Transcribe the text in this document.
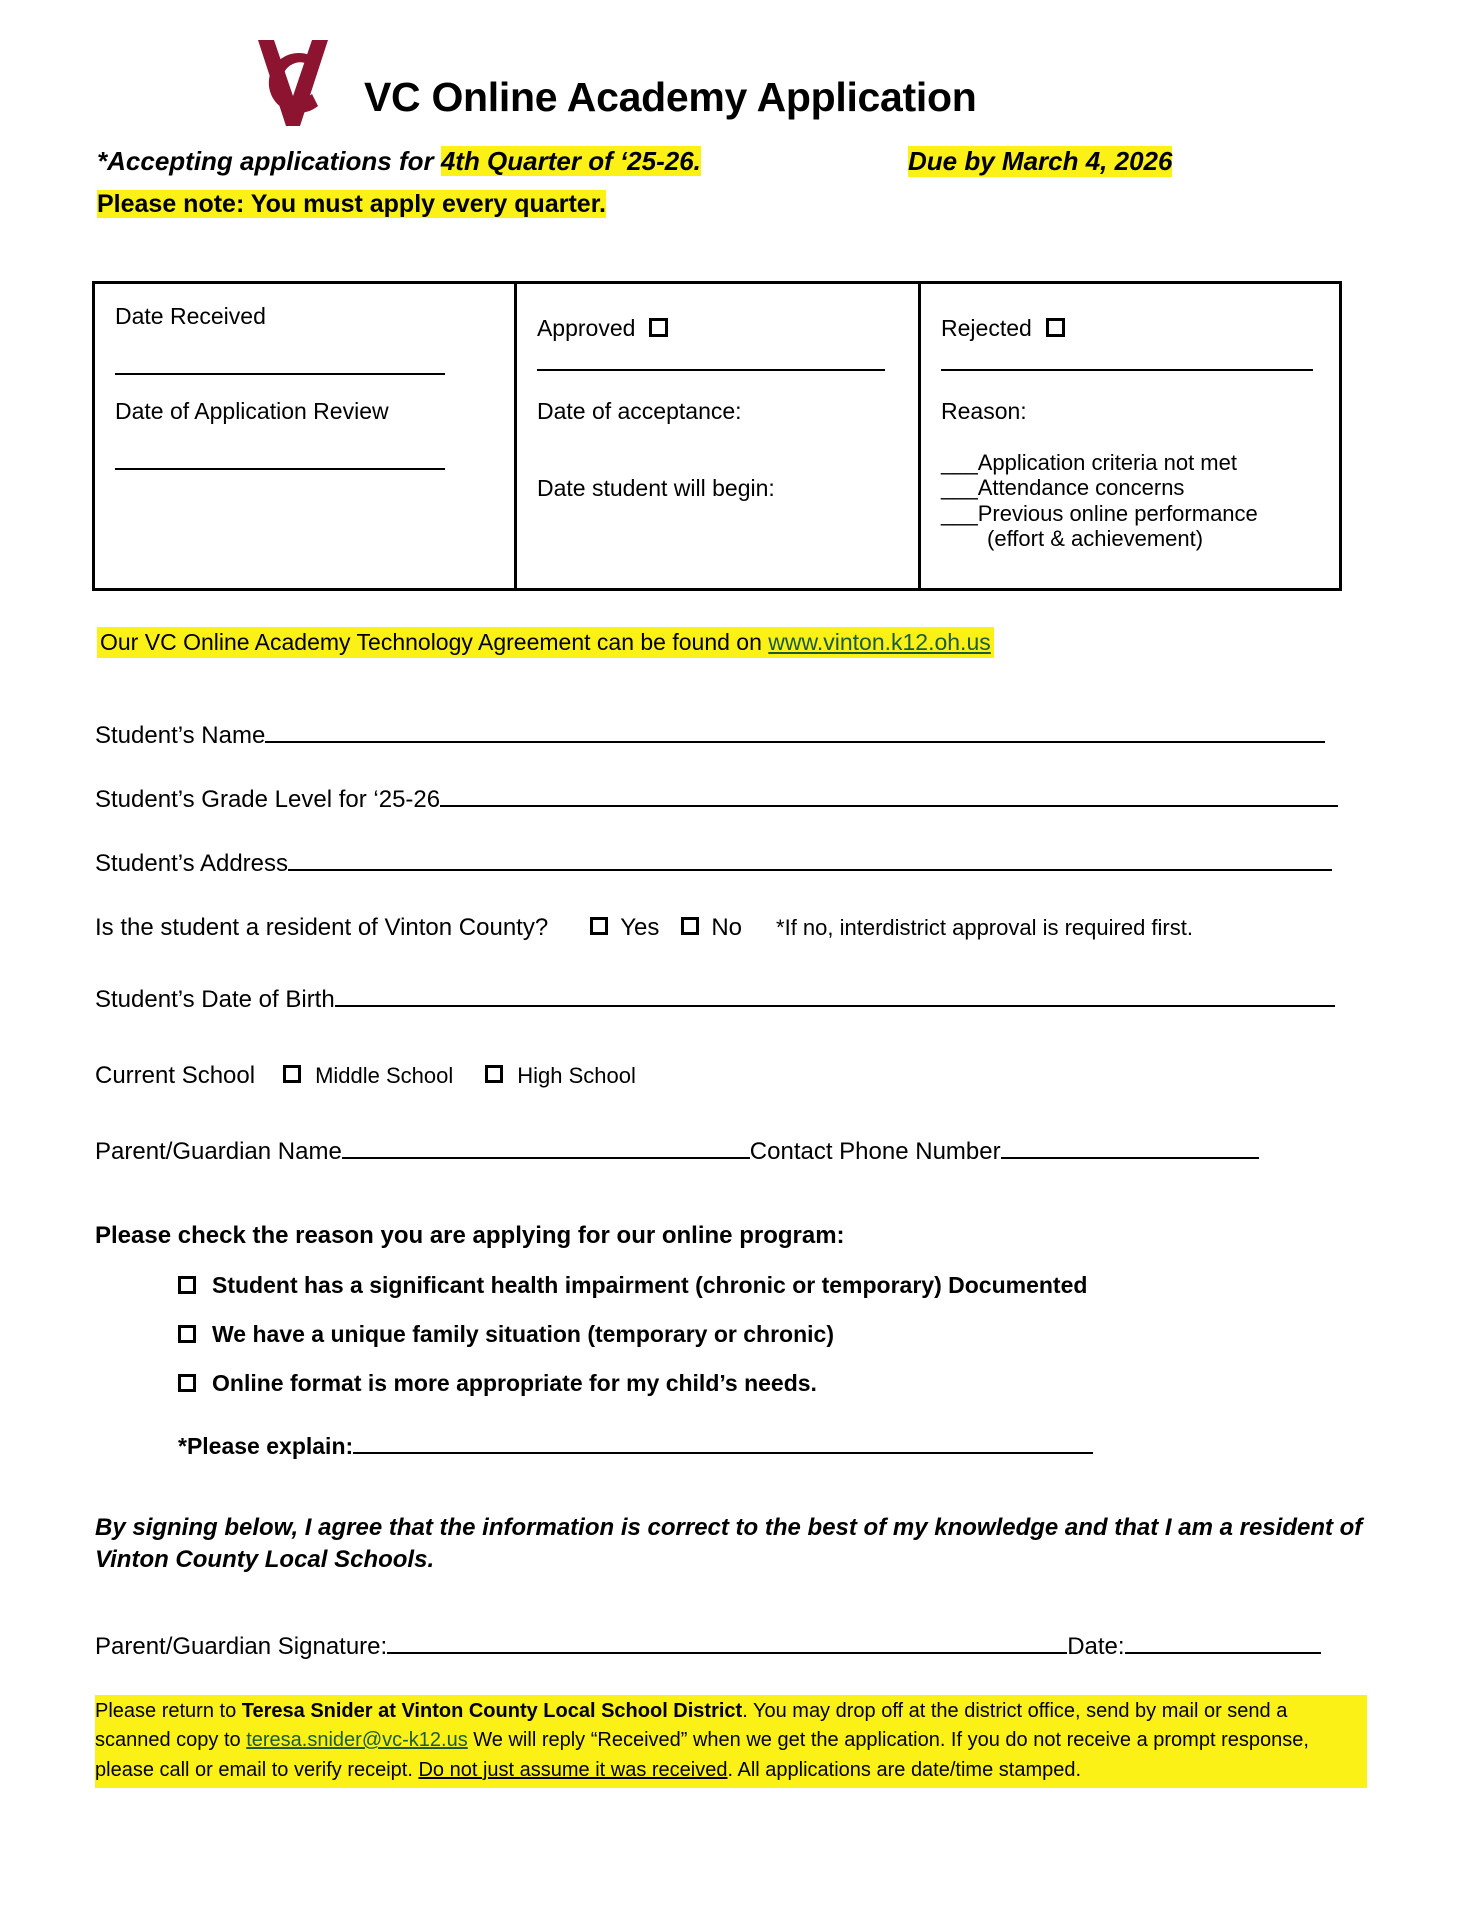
VC Online Academy Application
*Accepting applications for 4th Quarter of ‘25-26.	Due by March 4, 2026
Please note: You must apply every quarter.
Date Received
Date of Application Review
Approved
Date of acceptance:
Date student will begin:
Rejected
Reason:
___Application criteria not met
___Attendance concerns
___Previous online performance
(effort & achievement)
Our VC Online Academy Technology Agreement can be found on www.vinton.k12.oh.us
Student’s Name
Student’s Grade Level for ‘25-26
Student’s Address
Is the student a resident of Vinton County?	Yes No *If no, interdistrict approval is required first.
Student’s Date of Birth
Current School	Middle School	High School
Parent/Guardian Name	Contact Phone Number
Please check the reason you are applying for our online program:
Student has a significant health impairment (chronic or temporary) Documented
We have a unique family situation (temporary or chronic)
Online format is more appropriate for my child’s needs.
*Please explain:
By signing below, I agree that the information is correct to the best of my knowledge and that I am a resident of Vinton County Local Schools.
Parent/Guardian Signature:	Date:
Please return to Teresa Snider at Vinton County Local School District. You may drop off at the district office, send by mail or send a scanned copy to teresa.snider@vc-k12.us We will reply “Received” when we get the application. If you do not receive a prompt response, please call or email to verify receipt. Do not just assume it was received. All applications are date/time stamped.
